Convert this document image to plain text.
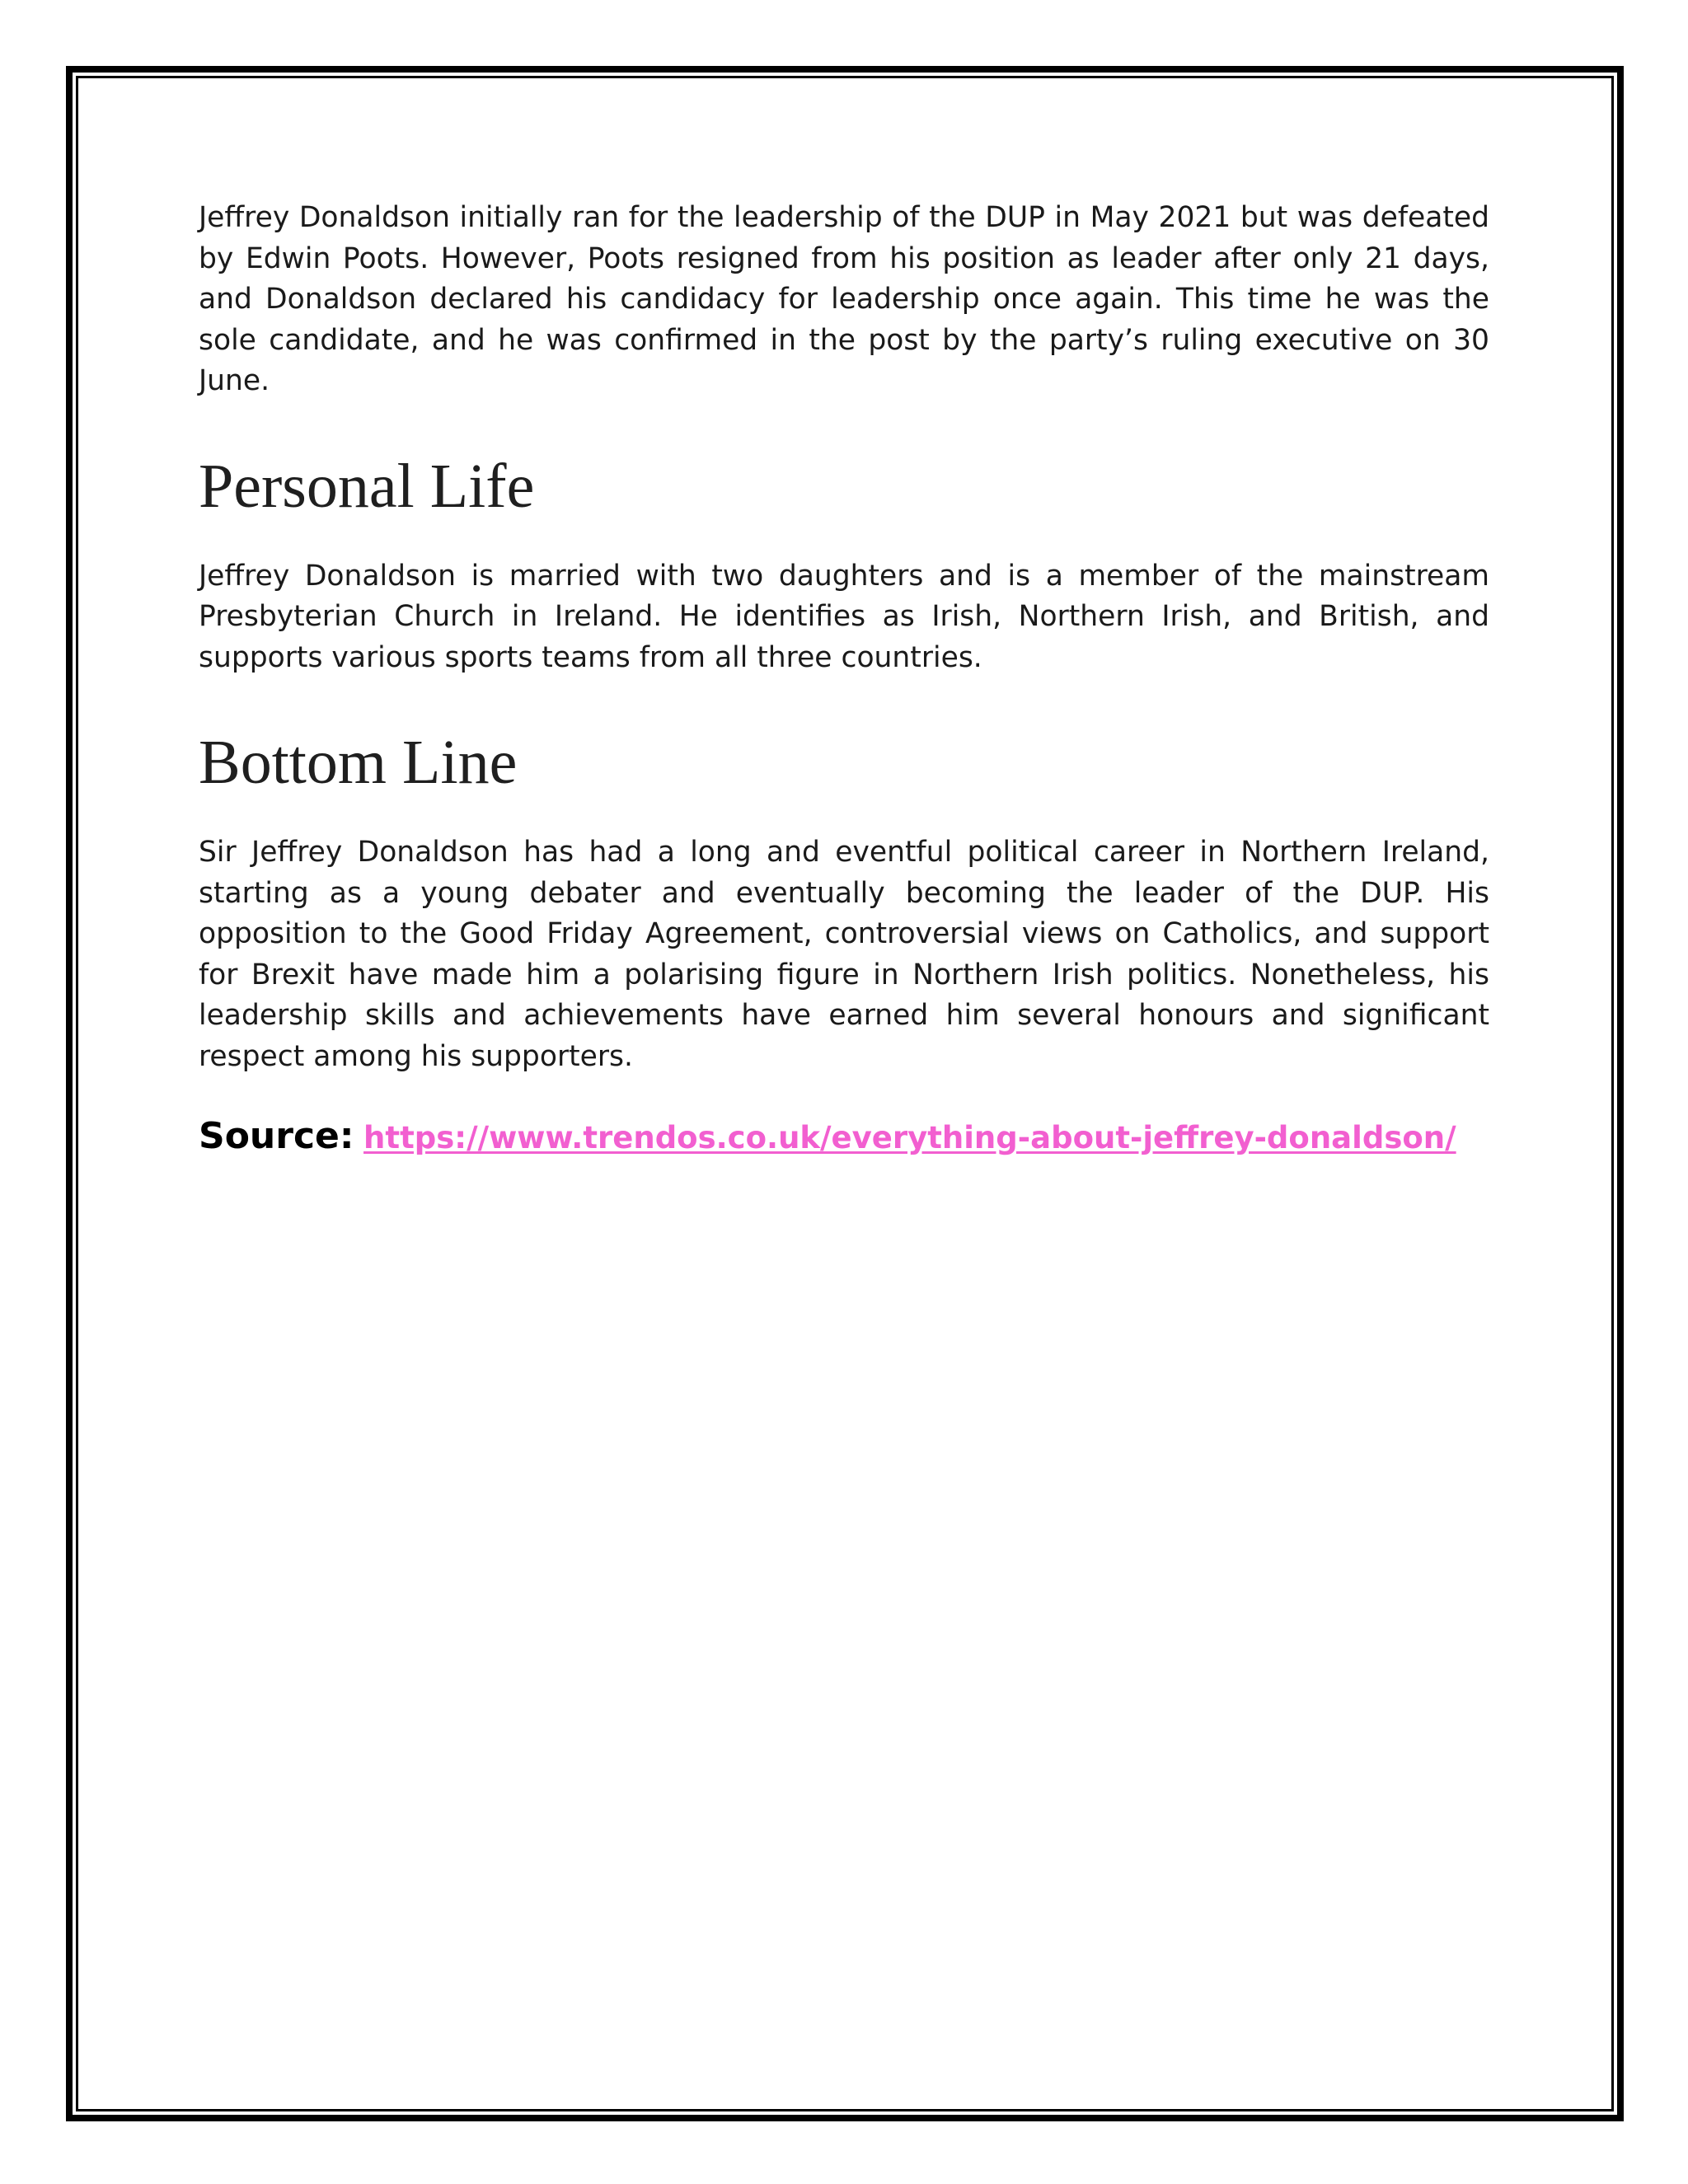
Jeffrey Donaldson initially ran for the leadership of the DUP in May 2021 but was defeated by Edwin Poots. However, Poots resigned from his position as leader after only 21 days, and Donaldson declared his candidacy for leadership once again. This time he was the sole candidate, and he was confirmed in the post by the party’s ruling executive on 30 June.

Personal Life

Jeffrey Donaldson is married with two daughters and is a member of the mainstream Presbyterian Church in Ireland. He identifies as Irish, Northern Irish, and British, and supports various sports teams from all three countries.

Bottom Line

Sir Jeffrey Donaldson has had a long and eventful political career in Northern Ireland, starting as a young debater and eventually becoming the leader of the DUP. His opposition to the Good Friday Agreement, controversial views on Catholics, and support for Brexit have made him a polarising figure in Northern Irish politics. Nonetheless, his leadership skills and achievements have earned him several honours and significant respect among his supporters.

Source: https://www.trendos.co.uk/everything-about-jeffrey-donaldson/
